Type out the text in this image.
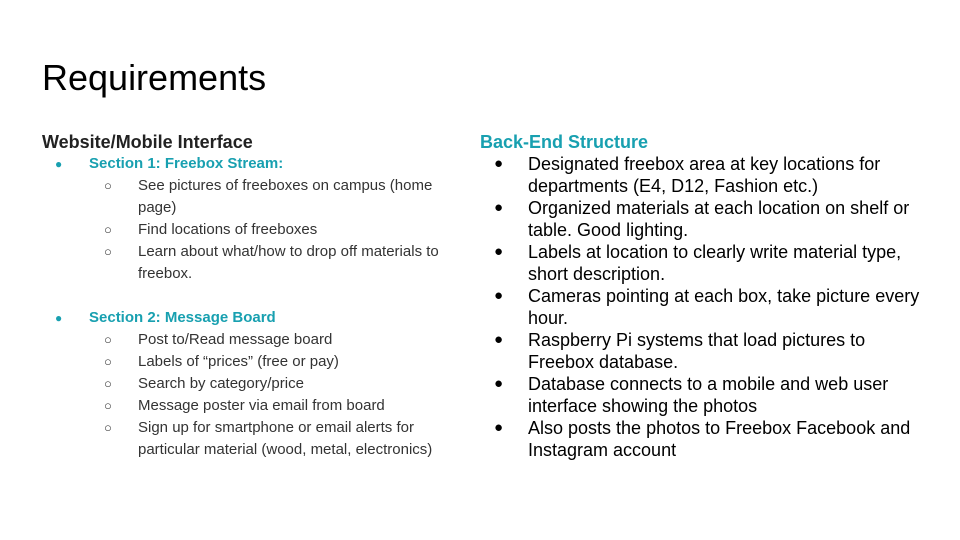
Requirements
Website/Mobile Interface
● Section 1: Freebox Stream:
○ See pictures of freeboxes on campus (home page)
○ Find locations of freeboxes
○ Learn about what/how to drop off materials to freebox.
● Section 2: Message Board
○ Post to/Read message board
○ Labels of “prices” (free or pay)
○ Search by category/price
○ Message poster via email from board
○ Sign up for smartphone or email alerts for particular material (wood, metal, electronics)
Back-End Structure
● Designated freebox area at key locations for departments (E4, D12, Fashion etc.)
● Organized materials at each location on shelf or table. Good lighting.
● Labels at location to clearly write material type, short description.
● Cameras pointing at each box, take picture every hour.
● Raspberry Pi systems that load pictures to Freebox database.
● Database connects to a mobile and web user interface showing the photos
● Also posts the photos to Freebox Facebook and Instagram account
